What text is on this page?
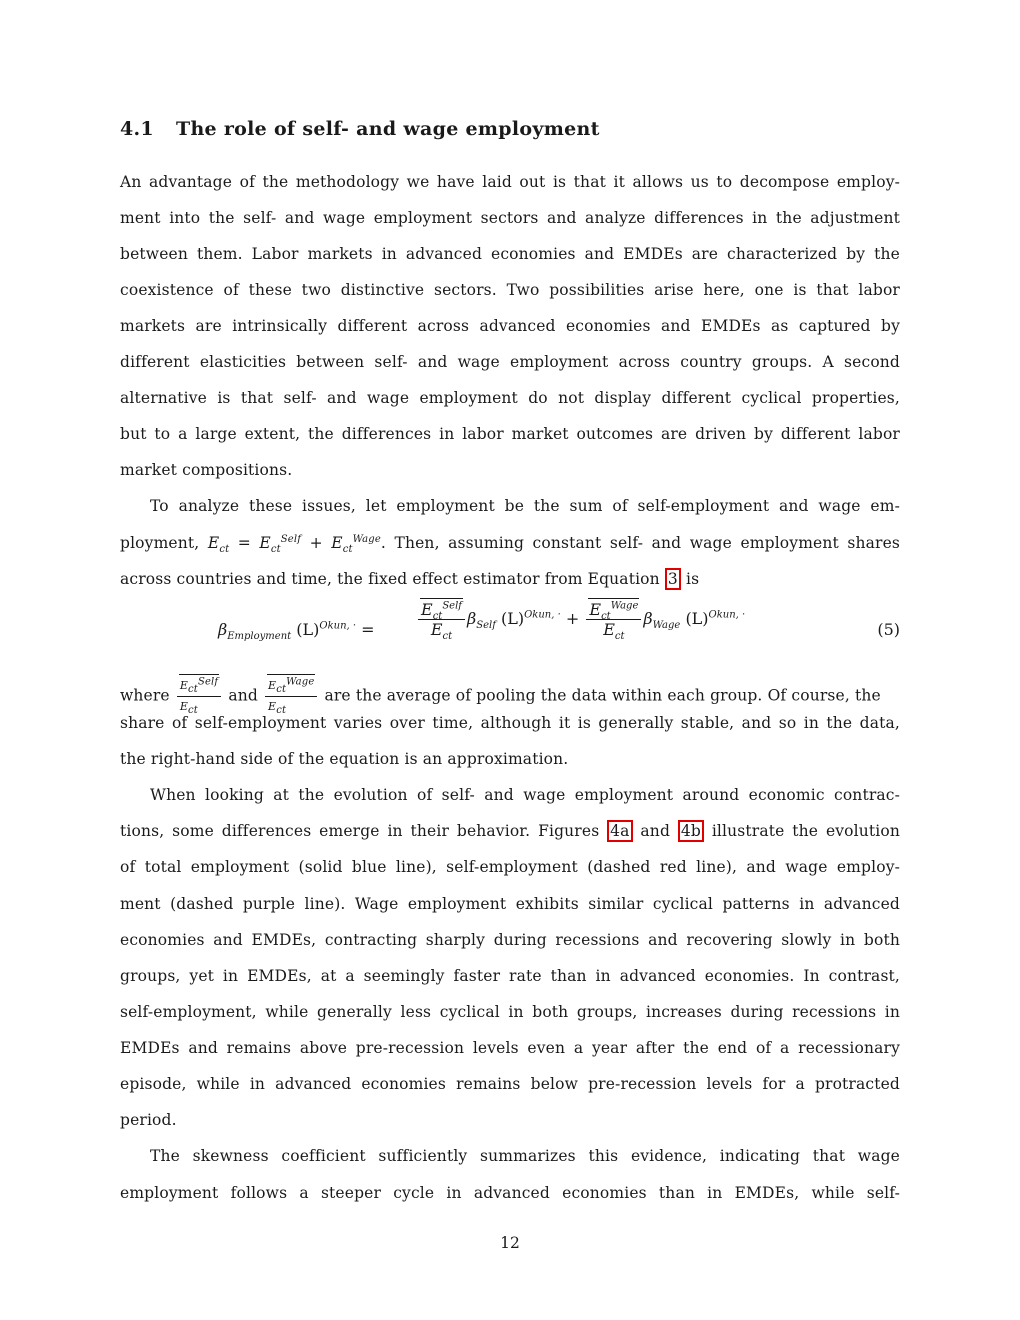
4.1 The role of self- and wage employment
An advantage of the methodology we have laid out is that it allows us to decompose employ-
ment into the self- and wage employment sectors and analyze differences in the adjustment
between them. Labor markets in advanced economies and EMDEs are characterized by the
coexistence of these two distinctive sectors. Two possibilities arise here, one is that labor
markets are intrinsically different across advanced economies and EMDEs as captured by
different elasticities between self- and wage employment across country groups. A second
alternative is that self- and wage employment do not display different cyclical properties,
but to a large extent, the differences in labor market outcomes are driven by different labor
market compositions.
To analyze these issues, let employment be the sum of self-employment and wage em-
ployment, $E_{ct} = E_{ct}^{Self} + E_{ct}^{Wage}$. Then, assuming constant self- and wage employment shares
across countries and time, the fixed effect estimator from Equation 3 is
$\beta_{Employment}$ $(L)^{Okun, \cdot}$ =	$\frac{E_{ct}^{Self}}{E_{ct}} \beta_{Self}$ $(L)^{Okun, \cdot} + \frac{E_{ct}^{Wage}}{E_{ct}} \beta_{Wage}$ $(L)^{Okun, \cdot}$
(5)
where $\frac{E_{ct}^{Self}}{E_{ct}}$ and $\frac{E_{ct}^{Wage}}{E_{ct}}$ are the average of pooling the data within each group. Of course, the
share of self-employment varies over time, although it is generally stable, and so in the data,
the right-hand side of the equation is an approximation.
When looking at the evolution of self- and wage employment around economic contrac-
tions, some differences emerge in their behavior. Figures 4a and 4b illustrate the evolution
of total employment (solid blue line), self-employment (dashed red line), and wage employ-
ment (dashed purple line). Wage employment exhibits similar cyclical patterns in advanced
economies and EMDEs, contracting sharply during recessions and recovering slowly in both
groups, yet in EMDEs, at a seemingly faster rate than in advanced economies. In contrast,
self-employment, while generally less cyclical in both groups, increases during recessions in
EMDEs and remains above pre-recession levels even a year after the end of a recessionary
episode, while in advanced economies remains below pre-recession levels for a protracted
period.
The skewness coefficient sufficiently summarizes this evidence, indicating that wage
employment follows a steeper cycle in advanced economies than in EMDEs, while self-
12
